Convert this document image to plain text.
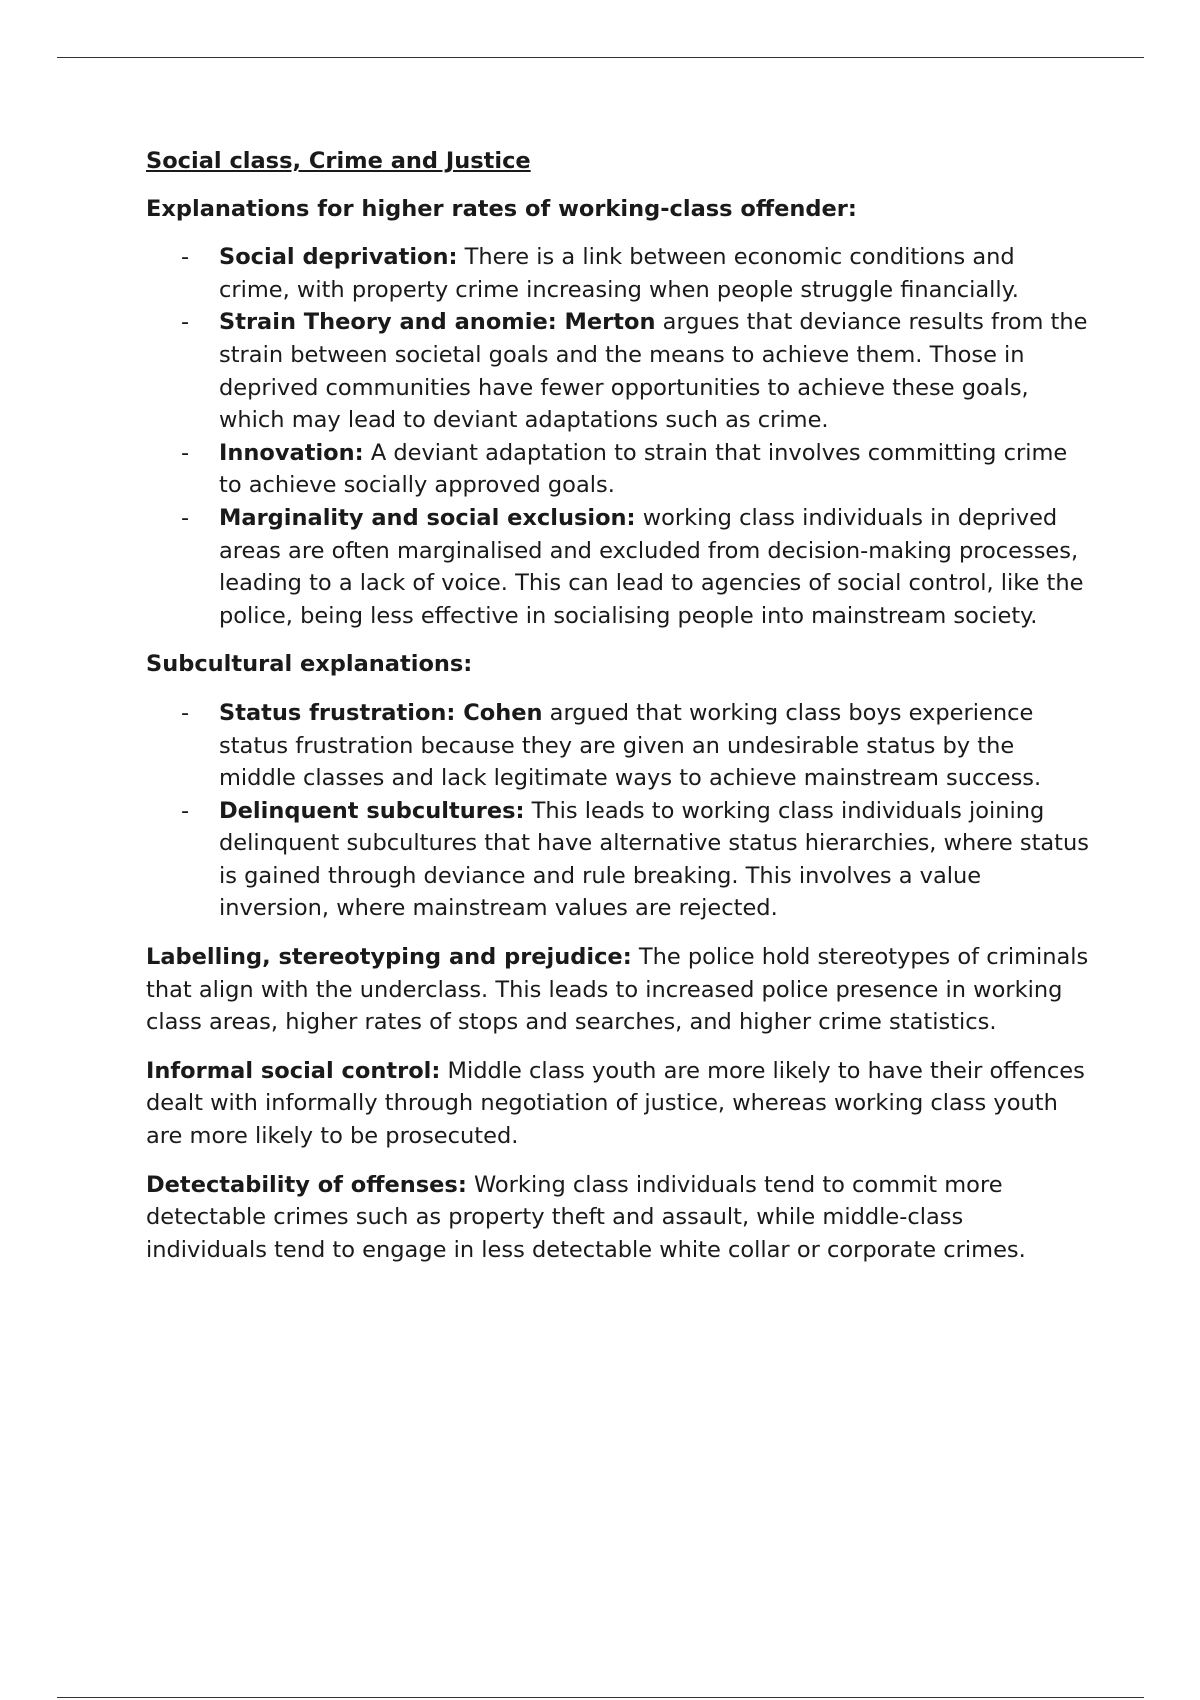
Social class, Crime and Justice

Explanations for higher rates of working-class offender:

- Social deprivation: There is a link between economic conditions and crime, with property crime increasing when people struggle financially.
- Strain Theory and anomie: Merton argues that deviance results from the strain between societal goals and the means to achieve them. Those in deprived communities have fewer opportunities to achieve these goals, which may lead to deviant adaptations such as crime.
- Innovation: A deviant adaptation to strain that involves committing crime to achieve socially approved goals.
- Marginality and social exclusion: working class individuals in deprived areas are often marginalised and excluded from decision-making processes, leading to a lack of voice. This can lead to agencies of social control, like the police, being less effective in socialising people into mainstream society.

Subcultural explanations:

- Status frustration: Cohen argued that working class boys experience status frustration because they are given an undesirable status by the middle classes and lack legitimate ways to achieve mainstream success.
- Delinquent subcultures: This leads to working class individuals joining delinquent subcultures that have alternative status hierarchies, where status is gained through deviance and rule breaking. This involves a value inversion, where mainstream values are rejected.

Labelling, stereotyping and prejudice: The police hold stereotypes of criminals that align with the underclass. This leads to increased police presence in working class areas, higher rates of stops and searches, and higher crime statistics.

Informal social control: Middle class youth are more likely to have their offences dealt with informally through negotiation of justice, whereas working class youth are more likely to be prosecuted.

Detectability of offenses: Working class individuals tend to commit more detectable crimes such as property theft and assault, while middle-class individuals tend to engage in less detectable white collar or corporate crimes.
